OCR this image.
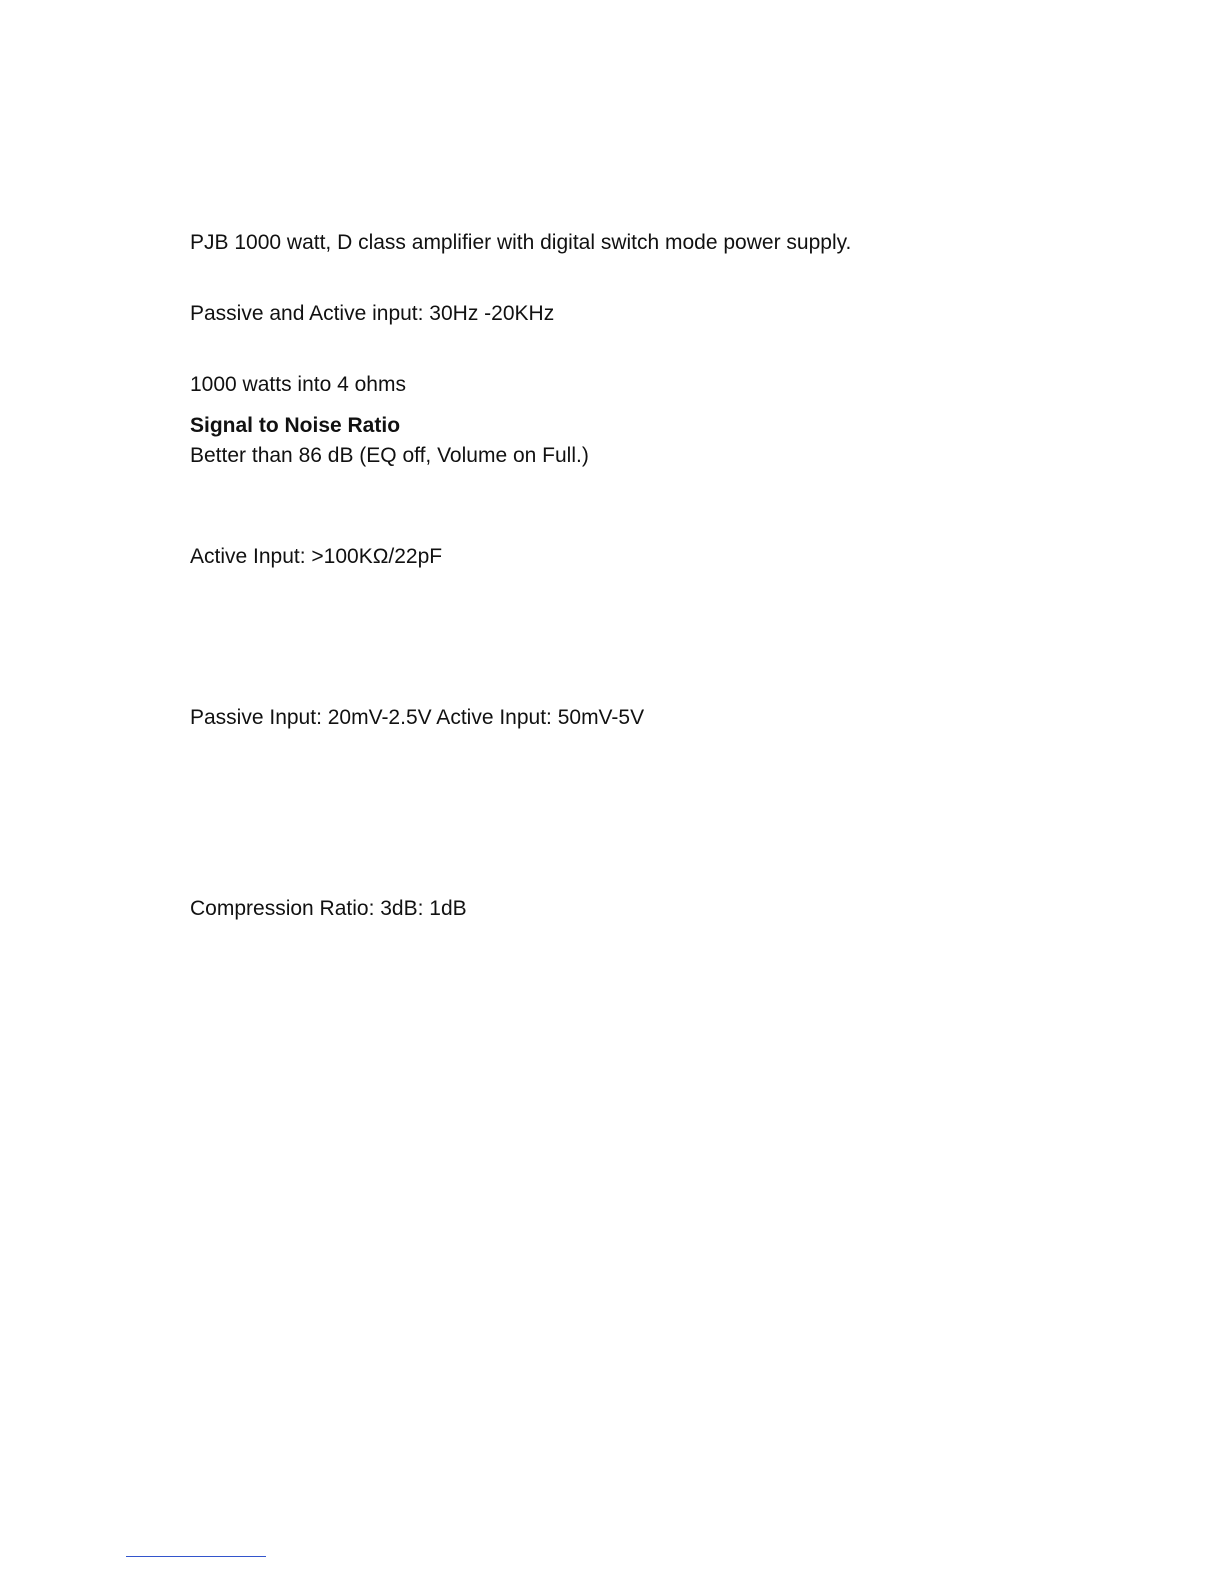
PJB 1000 watt, D class amplifier with digital switch mode power supply.

Passive and Active input: 30Hz -20KHz

1000 watts into 4 ohms

Signal to Noise Ratio

Better than 86 dB (EQ off, Volume on Full.)

Active Input: >100KΩ/22pF

Passive Input: 20mV-2.5V Active Input: 50mV-5V

Compression Ratio: 3dB: 1dB
